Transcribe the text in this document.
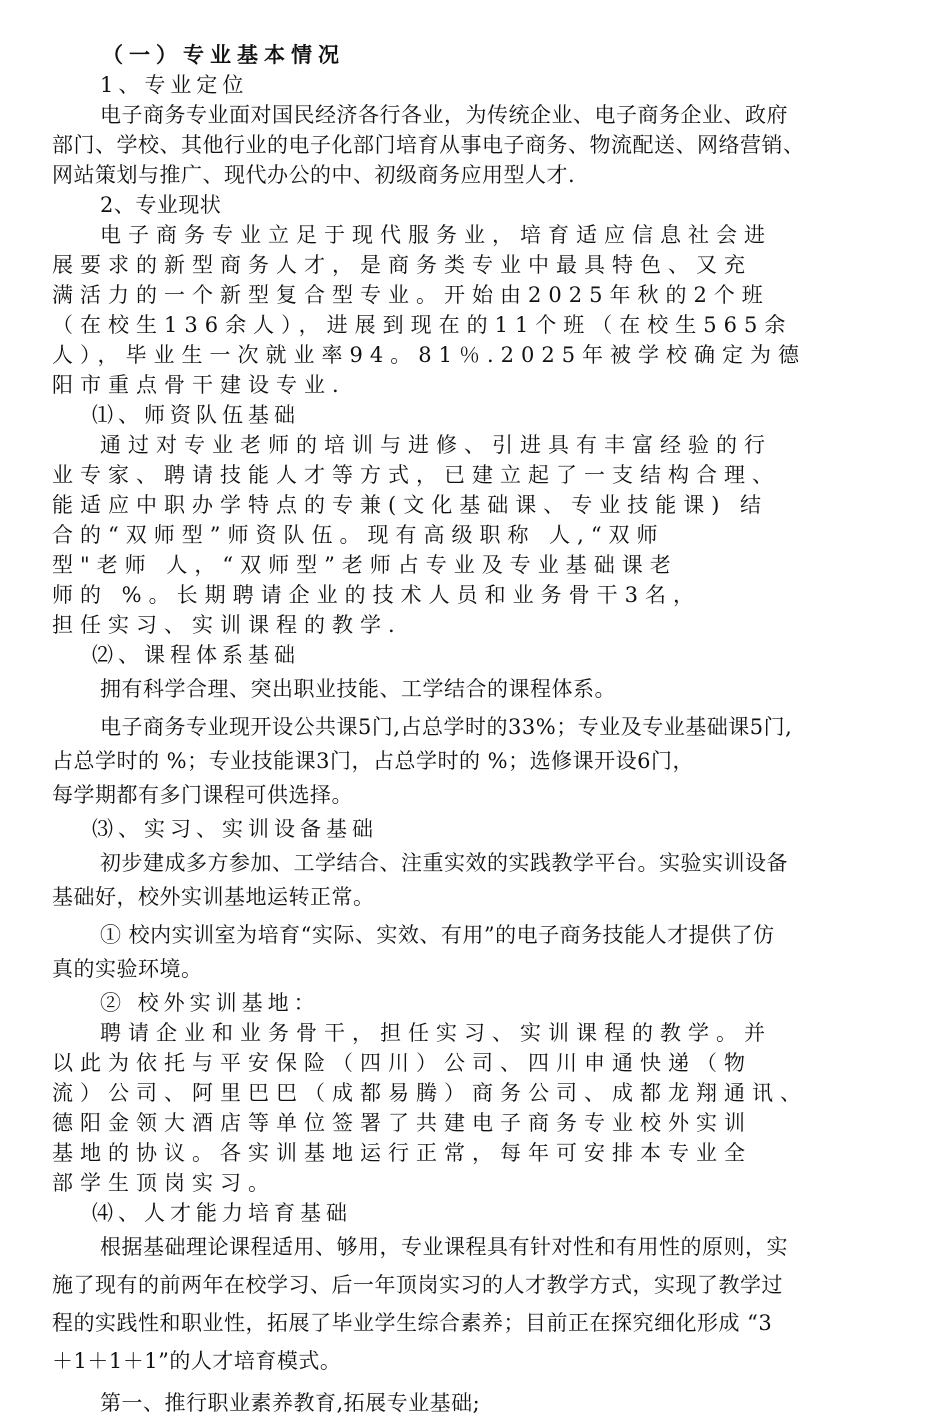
（一）专业基本情况
1、专业定位
电子商务专业面对国民经济各行各业，为传统企业、电子商务企业、政府
部门、学校、其他行业的电子化部门培育从事电子商务、物流配送、网络营销、
网站策划与推广、现代办公的中、初级商务应用型人才.
2、专业现状
电子商务专业立足于现代服务业，培育适应信息社会进
展要求的新型商务人才，是商务类专业中最具特色、又充
满活力的一个新型复合型专业。开始由2025年秋的2个班
（在校生136余人），进展到现在的11个班（在校生565余
人），毕业生一次就业率94。81％.2025年被学校确定为德
阳市重点骨干建设专业.
⑴、师资队伍基础
通过对专业老师的培训与进修、引进具有丰富经验的行
业专家、聘请技能人才等方式，已建立起了一支结构合理、
能适应中职办学特点的专兼(文化基础课、专业技能课) 结
合的“双师型”师资队伍。现有高级职称 人,“双师
型"老师 人，“双师型”老师占专业及专业基础课老
师的 %。长期聘请企业的技术人员和业务骨干3名，
担任实习、实训课程的教学.
⑵、课程体系基础
拥有科学合理、突出职业技能、工学结合的课程体系。
电子商务专业现开设公共课5门,占总学时的33%；专业及专业基础课5门,
占总学时的 %；专业技能课3门，占总学时的 %；选修课开设6门，
每学期都有多门课程可供选择。
⑶、实习、实训设备基础
初步建成多方参加、工学结合、注重实效的实践教学平台。实验实训设备
基础好，校外实训基地运转正常。
① 校内实训室为培育“实际、实效、有用”的电子商务技能人才提供了仿
真的实验环境。
② 校外实训基地：
聘请企业和业务骨干，担任实习、实训课程的教学。并
以此为依托与平安保险（四川）公司、四川申通快递（物
流）公司、阿里巴巴（成都易腾）商务公司、成都龙翔通讯、
德阳金领大酒店等单位签署了共建电子商务专业校外实训
基地的协议。各实训基地运行正常，每年可安排本专业全
部学生顶岗实习。
⑷、人才能力培育基础
根据基础理论课程适用、够用，专业课程具有针对性和有用性的原则，实
施了现有的前两年在校学习、后一年顶岗实习的人才教学方式，实现了教学过
程的实践性和职业性，拓展了毕业学生综合素养；目前正在探究细化形成 “3
＋1＋1＋1”的人才培育模式。
第一、推行职业素养教育,拓展专业基础;
